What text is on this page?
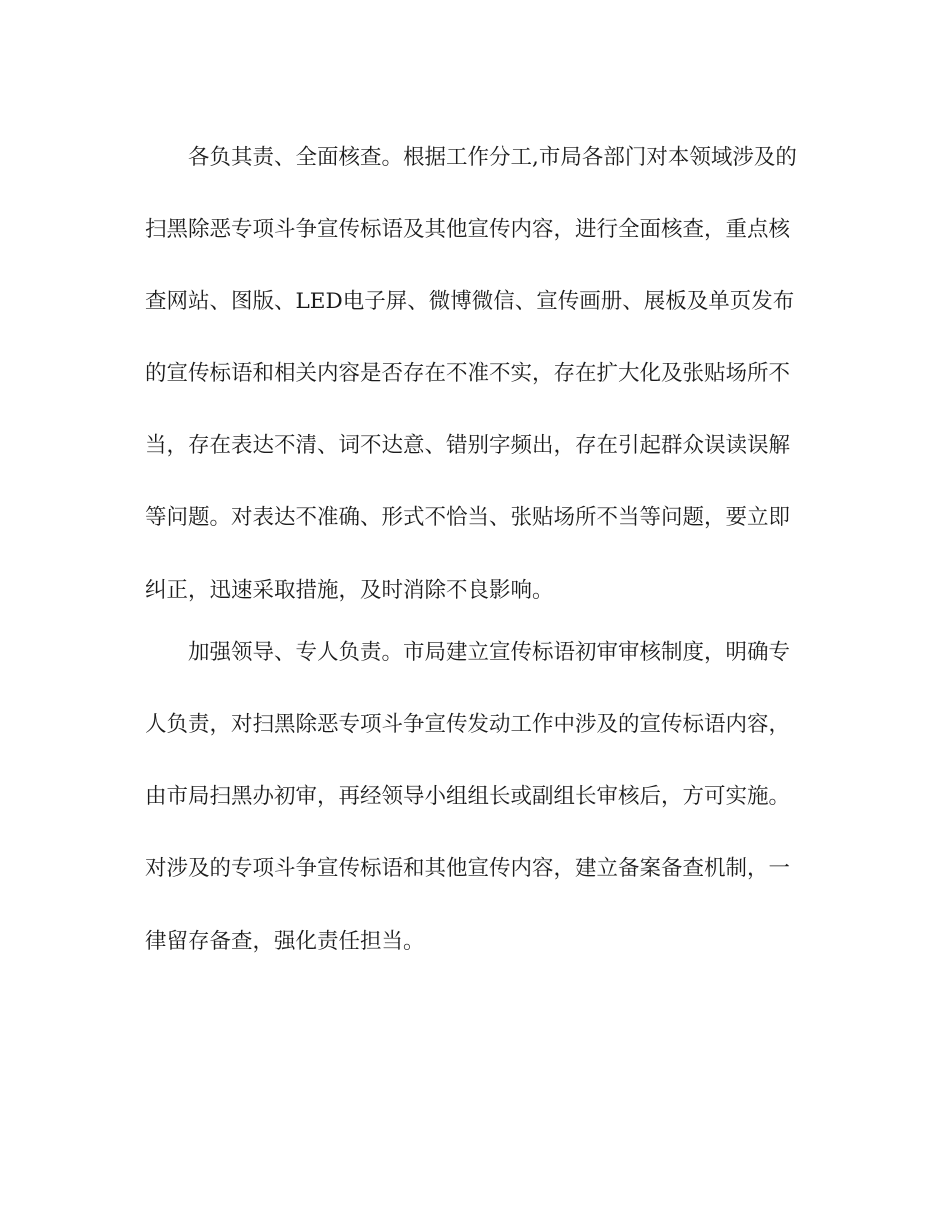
各负其责、全面核查。根据工作分工,市局各部门对本领域涉及的

扫黑除恶专项斗争宣传标语及其他宣传内容，进行全面核查，重点核

查网站、图版、LED电子屏、微博微信、宣传画册、展板及单页发布

的宣传标语和相关内容是否存在不准不实，存在扩大化及张贴场所不

当，存在表达不清、词不达意、错别字频出，存在引起群众误读误解

等问题。对表达不准确、形式不恰当、张贴场所不当等问题，要立即

纠正，迅速采取措施，及时消除不良影响。

加强领导、专人负责。市局建立宣传标语初审审核制度，明确专

人负责，对扫黑除恶专项斗争宣传发动工作中涉及的宣传标语内容，

由市局扫黑办初审，再经领导小组组长或副组长审核后，方可实施。

对涉及的专项斗争宣传标语和其他宣传内容，建立备案备查机制，一

律留存备查，强化责任担当。
